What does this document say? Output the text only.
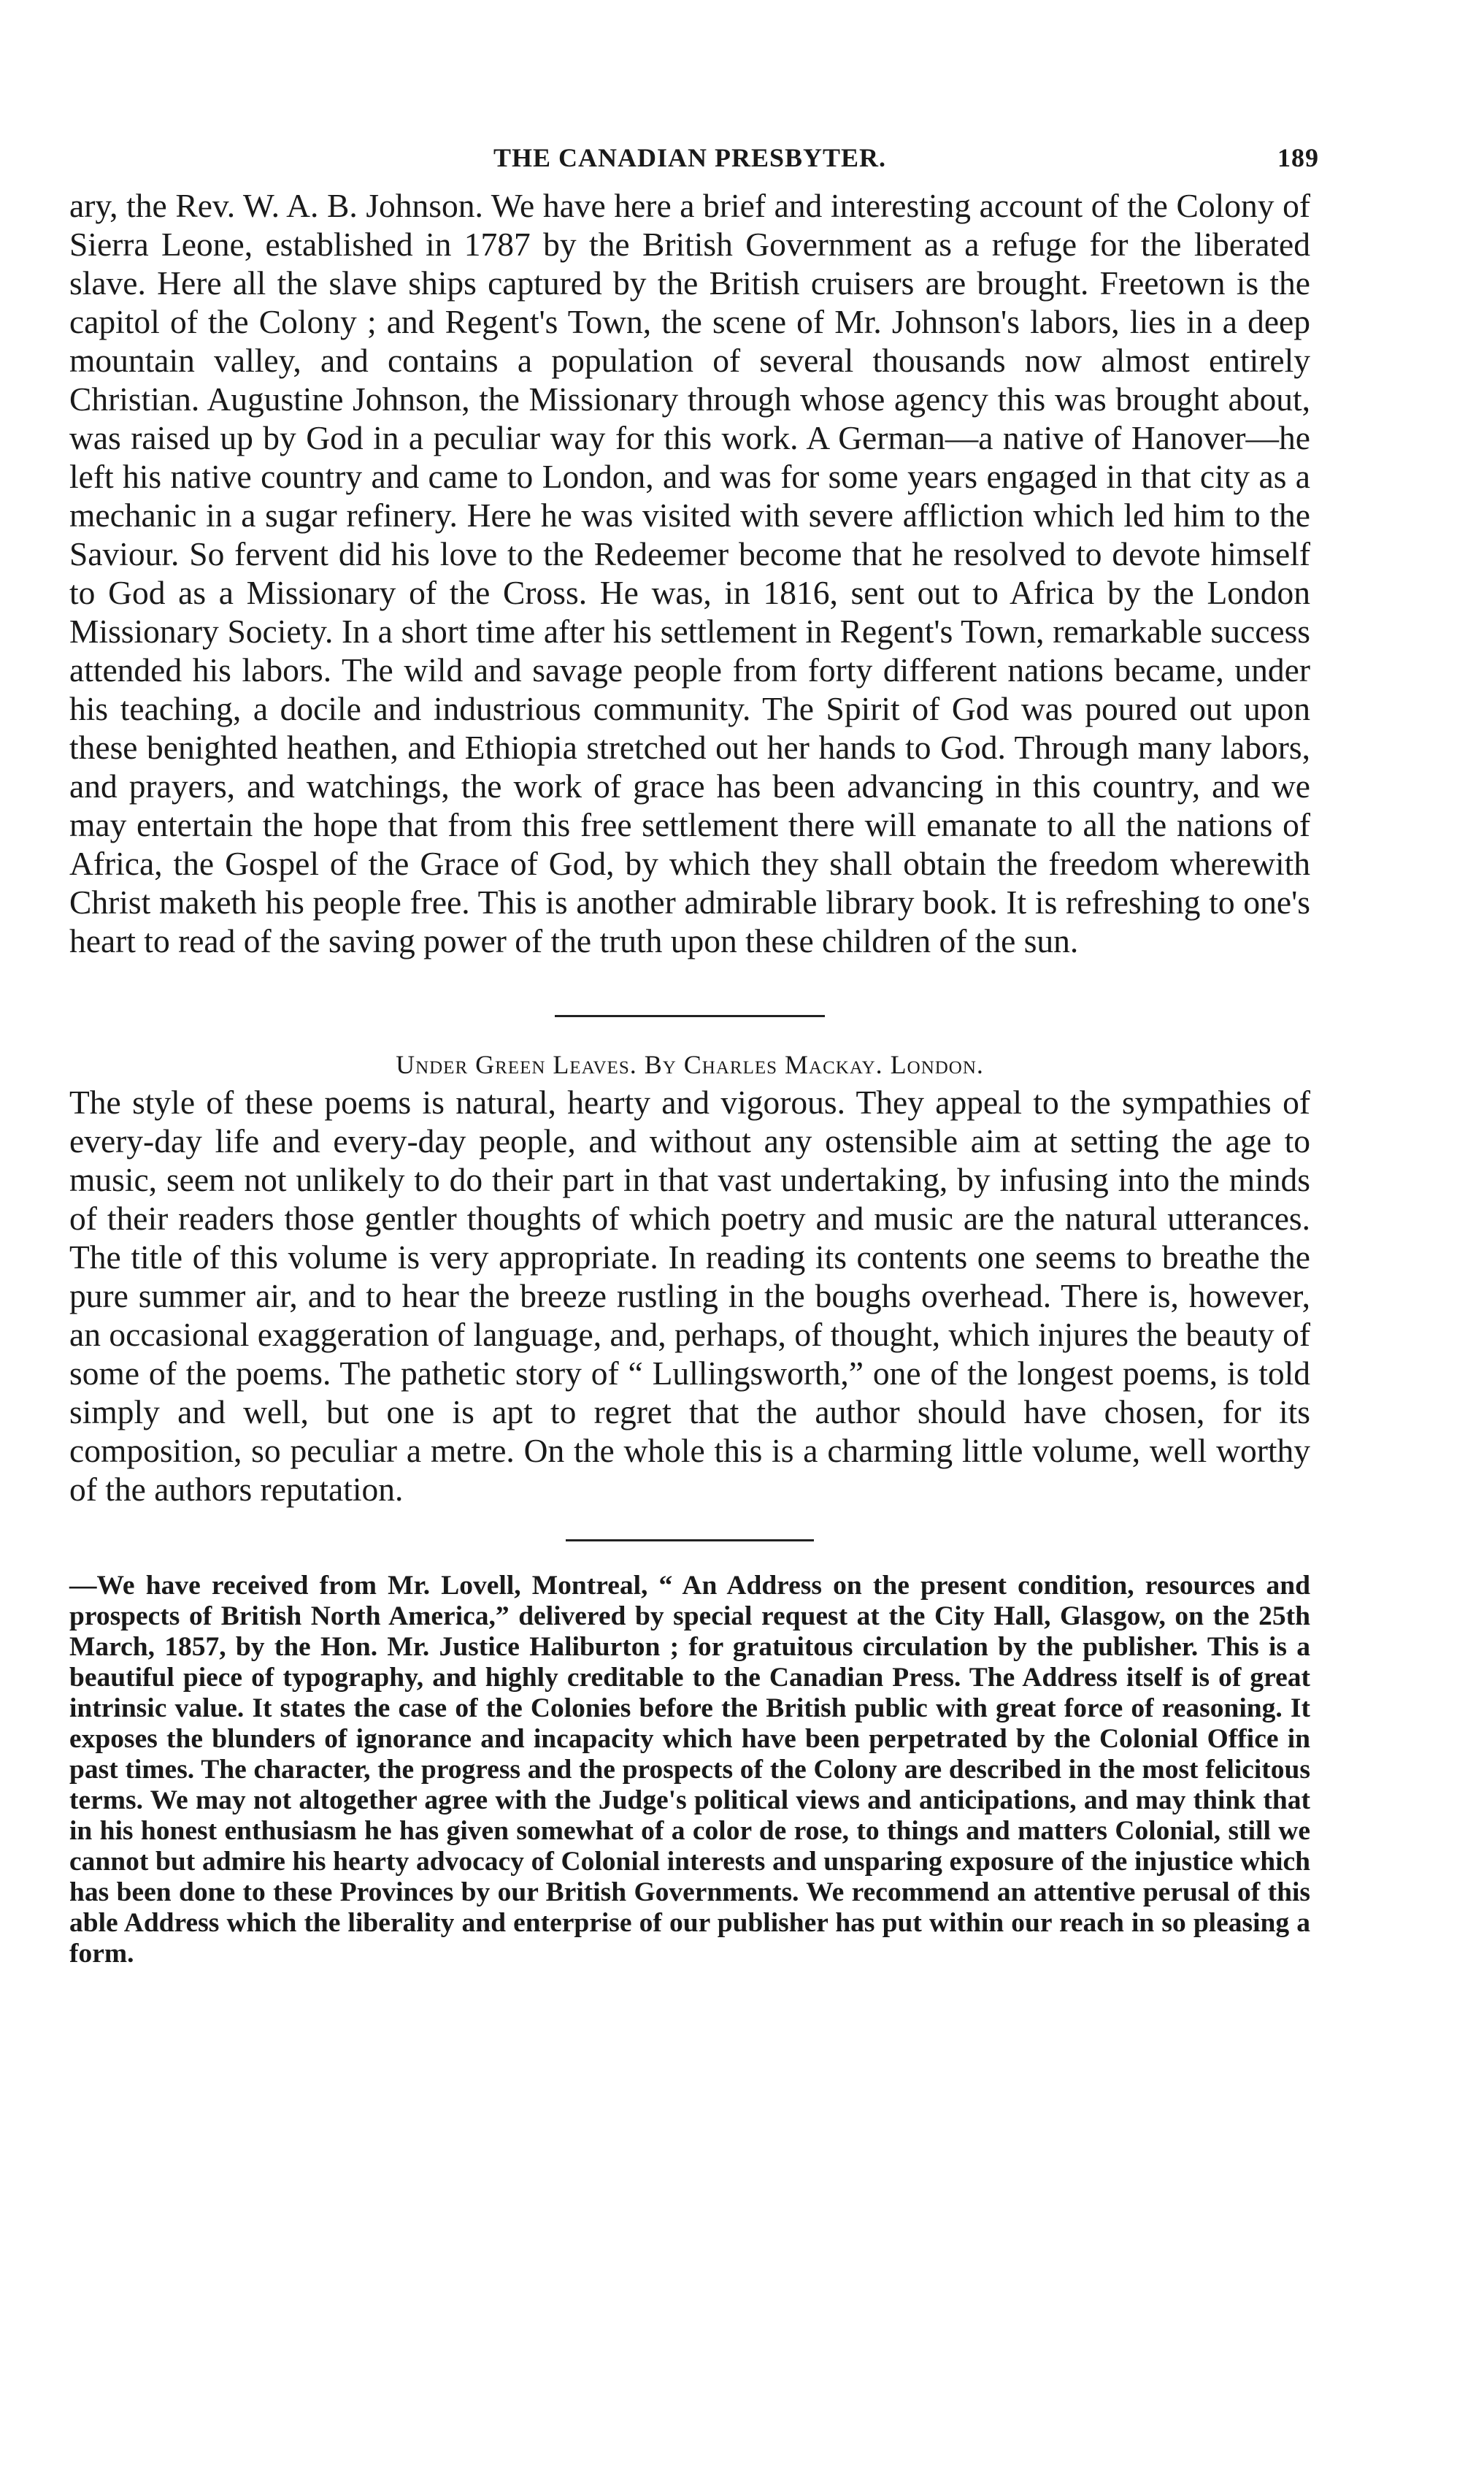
THE CANADIAN PRESBYTER.	189

ary, the Rev. W. A. B. Johnson. We have here a brief and interesting account of the Colony of Sierra Leone, established in 1787 by the British Government as a refuge for the liberated slave. Here all the slave ships captured by the British cruisers are brought. Freetown is the capitol of the Colony ; and Regent's Town, the scene of Mr. Johnson's labors, lies in a deep mountain valley, and contains a population of several thousands now almost entirely Christian. Augustine Johnson, the Missionary through whose agency this was brought about, was raised up by God in a peculiar way for this work. A German—a native of Hanover—he left his native country and came to London, and was for some years engaged in that city as a mechanic in a sugar refinery. Here he was visited with severe affliction which led him to the Saviour. So fervent did his love to the Redeemer become that he resolved to devote himself to God as a Missionary of the Cross. He was, in 1816, sent out to Africa by the London Missionary Society. In a short time after his settlement in Regent's Town, remarkable success attended his labors. The wild and savage people from forty different nations became, under his teaching, a docile and industrious community. The Spirit of God was poured out upon these benighted heathen, and Ethiopia stretched out her hands to God. Through many labors, and prayers, and watchings, the work of grace has been advancing in this country, and we may entertain the hope that from this free settlement there will emanate to all the nations of Africa, the Gospel of the Grace of God, by which they shall obtain the freedom wherewith Christ maketh his people free. This is another admirable library book. It is refreshing to one's heart to read of the saving power of the truth upon these children of the sun.

Under Green Leaves. By Charles Mackay. London.

The style of these poems is natural, hearty and vigorous. They appeal to the sympathies of every-day life and every-day people, and without any ostensible aim at setting the age to music, seem not unlikely to do their part in that vast undertaking, by infusing into the minds of their readers those gentler thoughts of which poetry and music are the natural utterances. The title of this volume is very appropriate. In reading its contents one seems to breathe the pure summer air, and to hear the breeze rustling in the boughs overhead. There is, however, an occasional exaggeration of language, and, perhaps, of thought, which injures the beauty of some of the poems. The pathetic story of “ Lullingsworth,” one of the longest poems, is told simply and well, but one is apt to regret that the author should have chosen, for its composition, so peculiar a metre. On the whole this is a charming little volume, well worthy of the authors reputation.

—We have received from Mr. Lovell, Montreal, “ An Address on the present condition, resources and prospects of British North America,” delivered by special request at the City Hall, Glasgow, on the 25th March, 1857, by the Hon. Mr. Justice Haliburton ; for gratuitous circulation by the publisher. This is a beautiful piece of typography, and highly creditable to the Canadian Press. The Address itself is of great intrinsic value. It states the case of the Colonies before the British public with great force of reasoning. It exposes the blunders of ignorance and incapacity which have been perpetrated by the Colonial Office in past times. The character, the progress and the prospects of the Colony are described in the most felicitous terms. We may not altogether agree with the Judge's political views and anticipations, and may think that in his honest enthusiasm he has given somewhat of a color de rose, to things and matters Colonial, still we cannot but admire his hearty advocacy of Colonial interests and unsparing exposure of the injustice which has been done to these Provinces by our British Governments. We recommend an attentive perusal of this able Address which the liberality and enterprise of our publisher has put within our reach in so pleasing a form.
